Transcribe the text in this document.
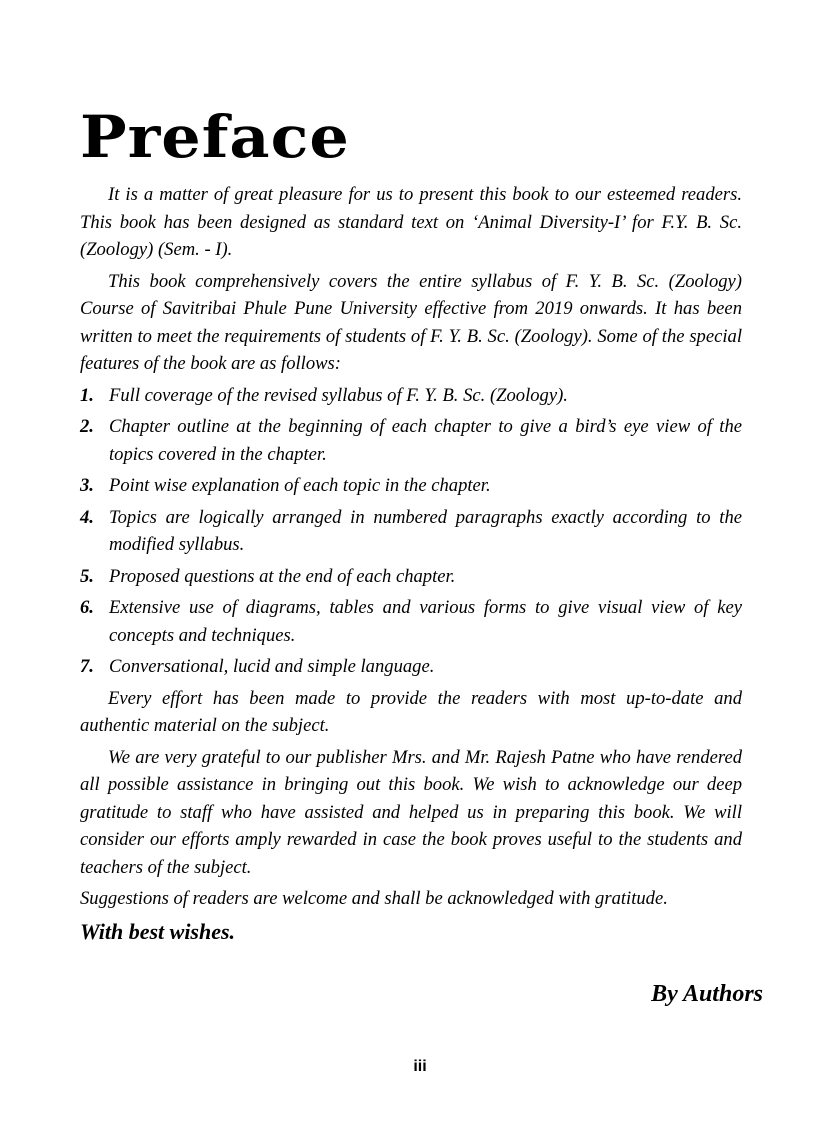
Preface

It is a matter of great pleasure for us to present this book to our esteemed readers. This book has been designed as standard text on ‘Animal Diversity-I’ for F.Y. B. Sc. (Zoology) (Sem. - I).

This book comprehensively covers the entire syllabus of F. Y. B. Sc. (Zoology) Course of Savitribai Phule Pune University effective from 2019 onwards. It has been written to meet the requirements of students of F. Y. B. Sc. (Zoology). Some of the special features of the book are as follows:

1. Full coverage of the revised syllabus of F. Y. B. Sc. (Zoology).
2. Chapter outline at the beginning of each chapter to give a bird’s eye view of the topics covered in the chapter.
3. Point wise explanation of each topic in the chapter.
4. Topics are logically arranged in numbered paragraphs exactly according to the modified syllabus.
5. Proposed questions at the end of each chapter.
6. Extensive use of diagrams, tables and various forms to give visual view of key concepts and techniques.
7. Conversational, lucid and simple language.

Every effort has been made to provide the readers with most up-to-date and authentic material on the subject.

We are very grateful to our publisher Mrs. and Mr. Rajesh Patne who have rendered all possible assistance in bringing out this book. We wish to acknowledge our deep gratitude to staff who have assisted and helped us in preparing this book. We will consider our efforts amply rewarded in case the book proves useful to the students and teachers of the subject.

Suggestions of readers are welcome and shall be acknowledged with gratitude.

With best wishes.

By Authors
iii
